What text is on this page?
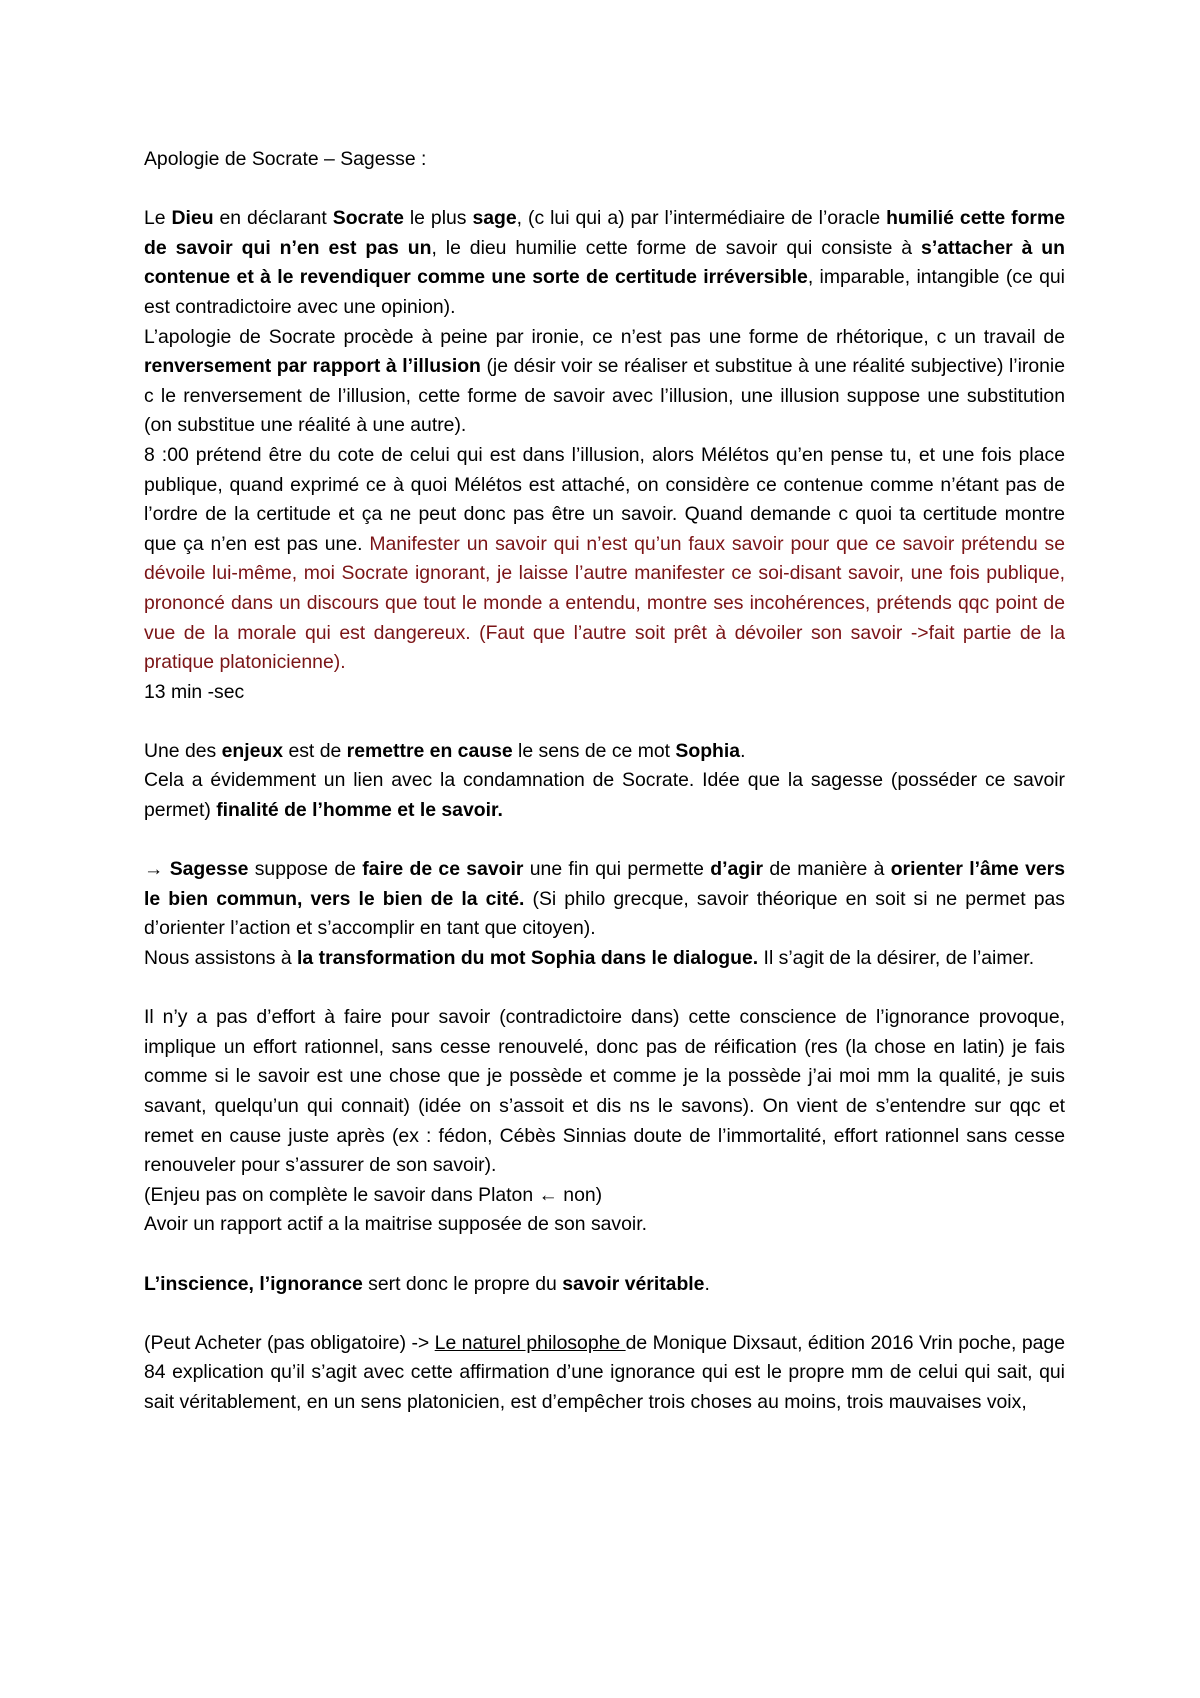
Apologie de Socrate – Sagesse :

Le Dieu en déclarant Socrate le plus sage, (c lui qui a) par l’intermédiaire de l’oracle humilié cette forme de savoir qui n’en est pas un, le dieu humilie cette forme de savoir qui consiste à s’attacher à un contenue et à le revendiquer comme une sorte de certitude irréversible, imparable, intangible (ce qui est contradictoire avec une opinion).

L’apologie de Socrate procède à peine par ironie, ce n’est pas une forme de rhétorique, c un travail de renversement par rapport à l’illusion (je désir voir se réaliser et substitue à une réalité subjective) l’ironie c le renversement de l’illusion, cette forme de savoir avec l’illusion, une illusion suppose une substitution (on substitue une réalité à une autre).

8 :00 prétend être du cote de celui qui est dans l’illusion, alors Mélétos qu’en pense tu, et une fois place publique, quand exprimé ce à quoi Mélétos est attaché, on considère ce contenue comme n’étant pas de l’ordre de la certitude et ça ne peut donc pas être un savoir. Quand demande c quoi ta certitude montre que ça n’en est pas une. Manifester un savoir qui n’est qu’un faux savoir pour que ce savoir prétendu se dévoile lui-même, moi Socrate ignorant, je laisse l’autre manifester ce soi-disant savoir, une fois publique, prononcé dans un discours que tout le monde a entendu, montre ses incohérences, prétends qqc point de vue de la morale qui est dangereux. (Faut que l’autre soit prêt à dévoiler son savoir ->fait partie de la pratique platonicienne).

13 min -sec

Une des enjeux est de remettre en cause le sens de ce mot Sophia.

Cela a évidemment un lien avec la condamnation de Socrate. Idée que la sagesse (posséder ce savoir permet) finalité de l’homme et le savoir.

→ Sagesse suppose de faire de ce savoir une fin qui permette d’agir de manière à orienter l’âme vers le bien commun, vers le bien de la cité. (Si philo grecque, savoir théorique en soit si ne permet pas d’orienter l’action et s’accomplir en tant que citoyen).

Nous assistons à la transformation du mot Sophia dans le dialogue. Il s’agit de la désirer, de l’aimer.

Il n’y a pas d’effort à faire pour savoir (contradictoire dans) cette conscience de l’ignorance provoque, implique un effort rationnel, sans cesse renouvelé, donc pas de réification (res (la chose en latin) je fais comme si le savoir est une chose que je possède et comme je la possède j’ai moi mm la qualité, je suis savant, quelqu’un qui connait) (idée on s’assoit et dis ns le savons). On vient de s’entendre sur qqc et remet en cause juste après (ex : fédon, Cébès Sinnias doute de l’immortalité, effort rationnel sans cesse renouveler pour s’assurer de son savoir).

(Enjeu pas on complète le savoir dans Platon ← non)

Avoir un rapport actif a la maitrise supposée de son savoir.

L’inscience, l’ignorance sert donc le propre du savoir véritable.

(Peut Acheter (pas obligatoire) -> Le naturel philosophe de Monique Dixsaut, édition 2016 Vrin poche, page 84 explication qu’il s’agit avec cette affirmation d’une ignorance qui est le propre mm de celui qui sait, qui sait véritablement, en un sens platonicien, est d’empêcher trois choses au moins, trois mauvaises voix,
